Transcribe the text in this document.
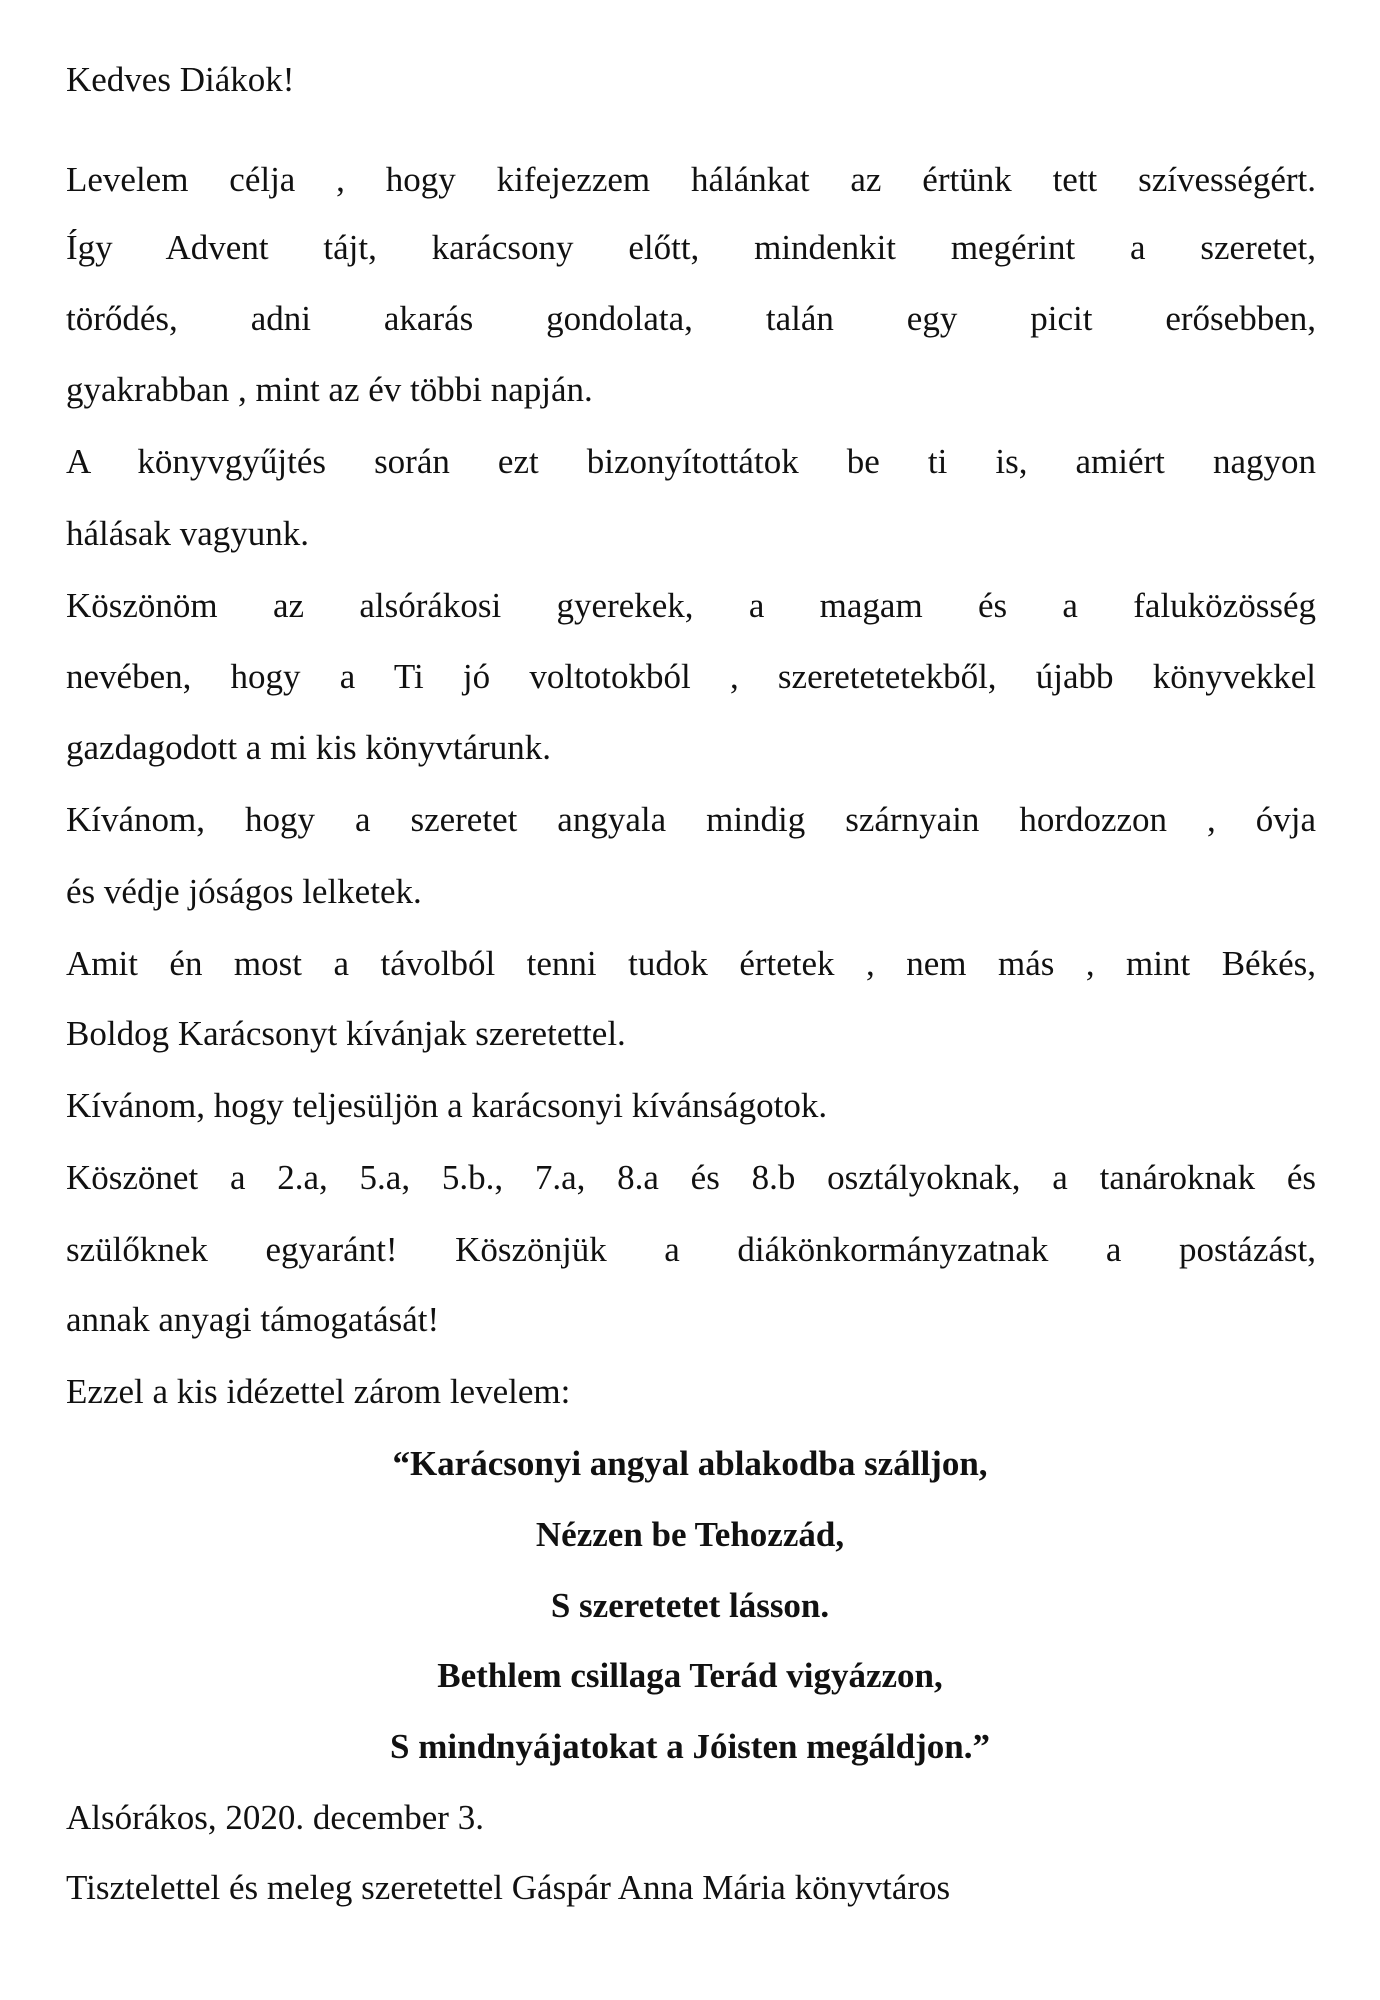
Kedves Diákok!
Levelem célja , hogy kifejezzem hálánkat az értünk tett szívességért.
Így Advent tájt, karácsony előtt, mindenkit megérint a szeretet,
törődés, adni akarás gondolata, talán egy picit erősebben,
gyakrabban , mint az év többi napján.
A könyvgyűjtés során ezt bizonyítottátok be ti is, amiért nagyon
hálásak vagyunk.
Köszönöm az alsórákosi gyerekek, a magam és a faluközösség
nevében, hogy a Ti jó voltotokból , szeretetetekből, újabb könyvekkel
gazdagodott a mi kis könyvtárunk.
Kívánom, hogy a szeretet angyala mindig szárnyain hordozzon , óvja
és védje jóságos lelketek.
Amit én most a távolból tenni tudok értetek , nem más , mint Békés,
Boldog Karácsonyt kívánjak szeretettel.
Kívánom, hogy teljesüljön a karácsonyi kívánságotok.
Köszönet a 2.a, 5.a, 5.b., 7.a, 8.a és 8.b osztályoknak, a tanároknak és
szülőknek egyaránt! Köszönjük a diákönkormányzatnak a postázást,
annak anyagi támogatását!
Ezzel a kis idézettel zárom levelem:
“Karácsonyi angyal ablakodba szálljon,
Nézzen be Tehozzád,
S szeretetet lásson.
Bethlem csillaga Terád vigyázzon,
S mindnyájatokat a Jóisten megáldjon.”
Alsórákos, 2020. december 3.
Tisztelettel és meleg szeretettel Gáspár Anna Mária könyvtáros
